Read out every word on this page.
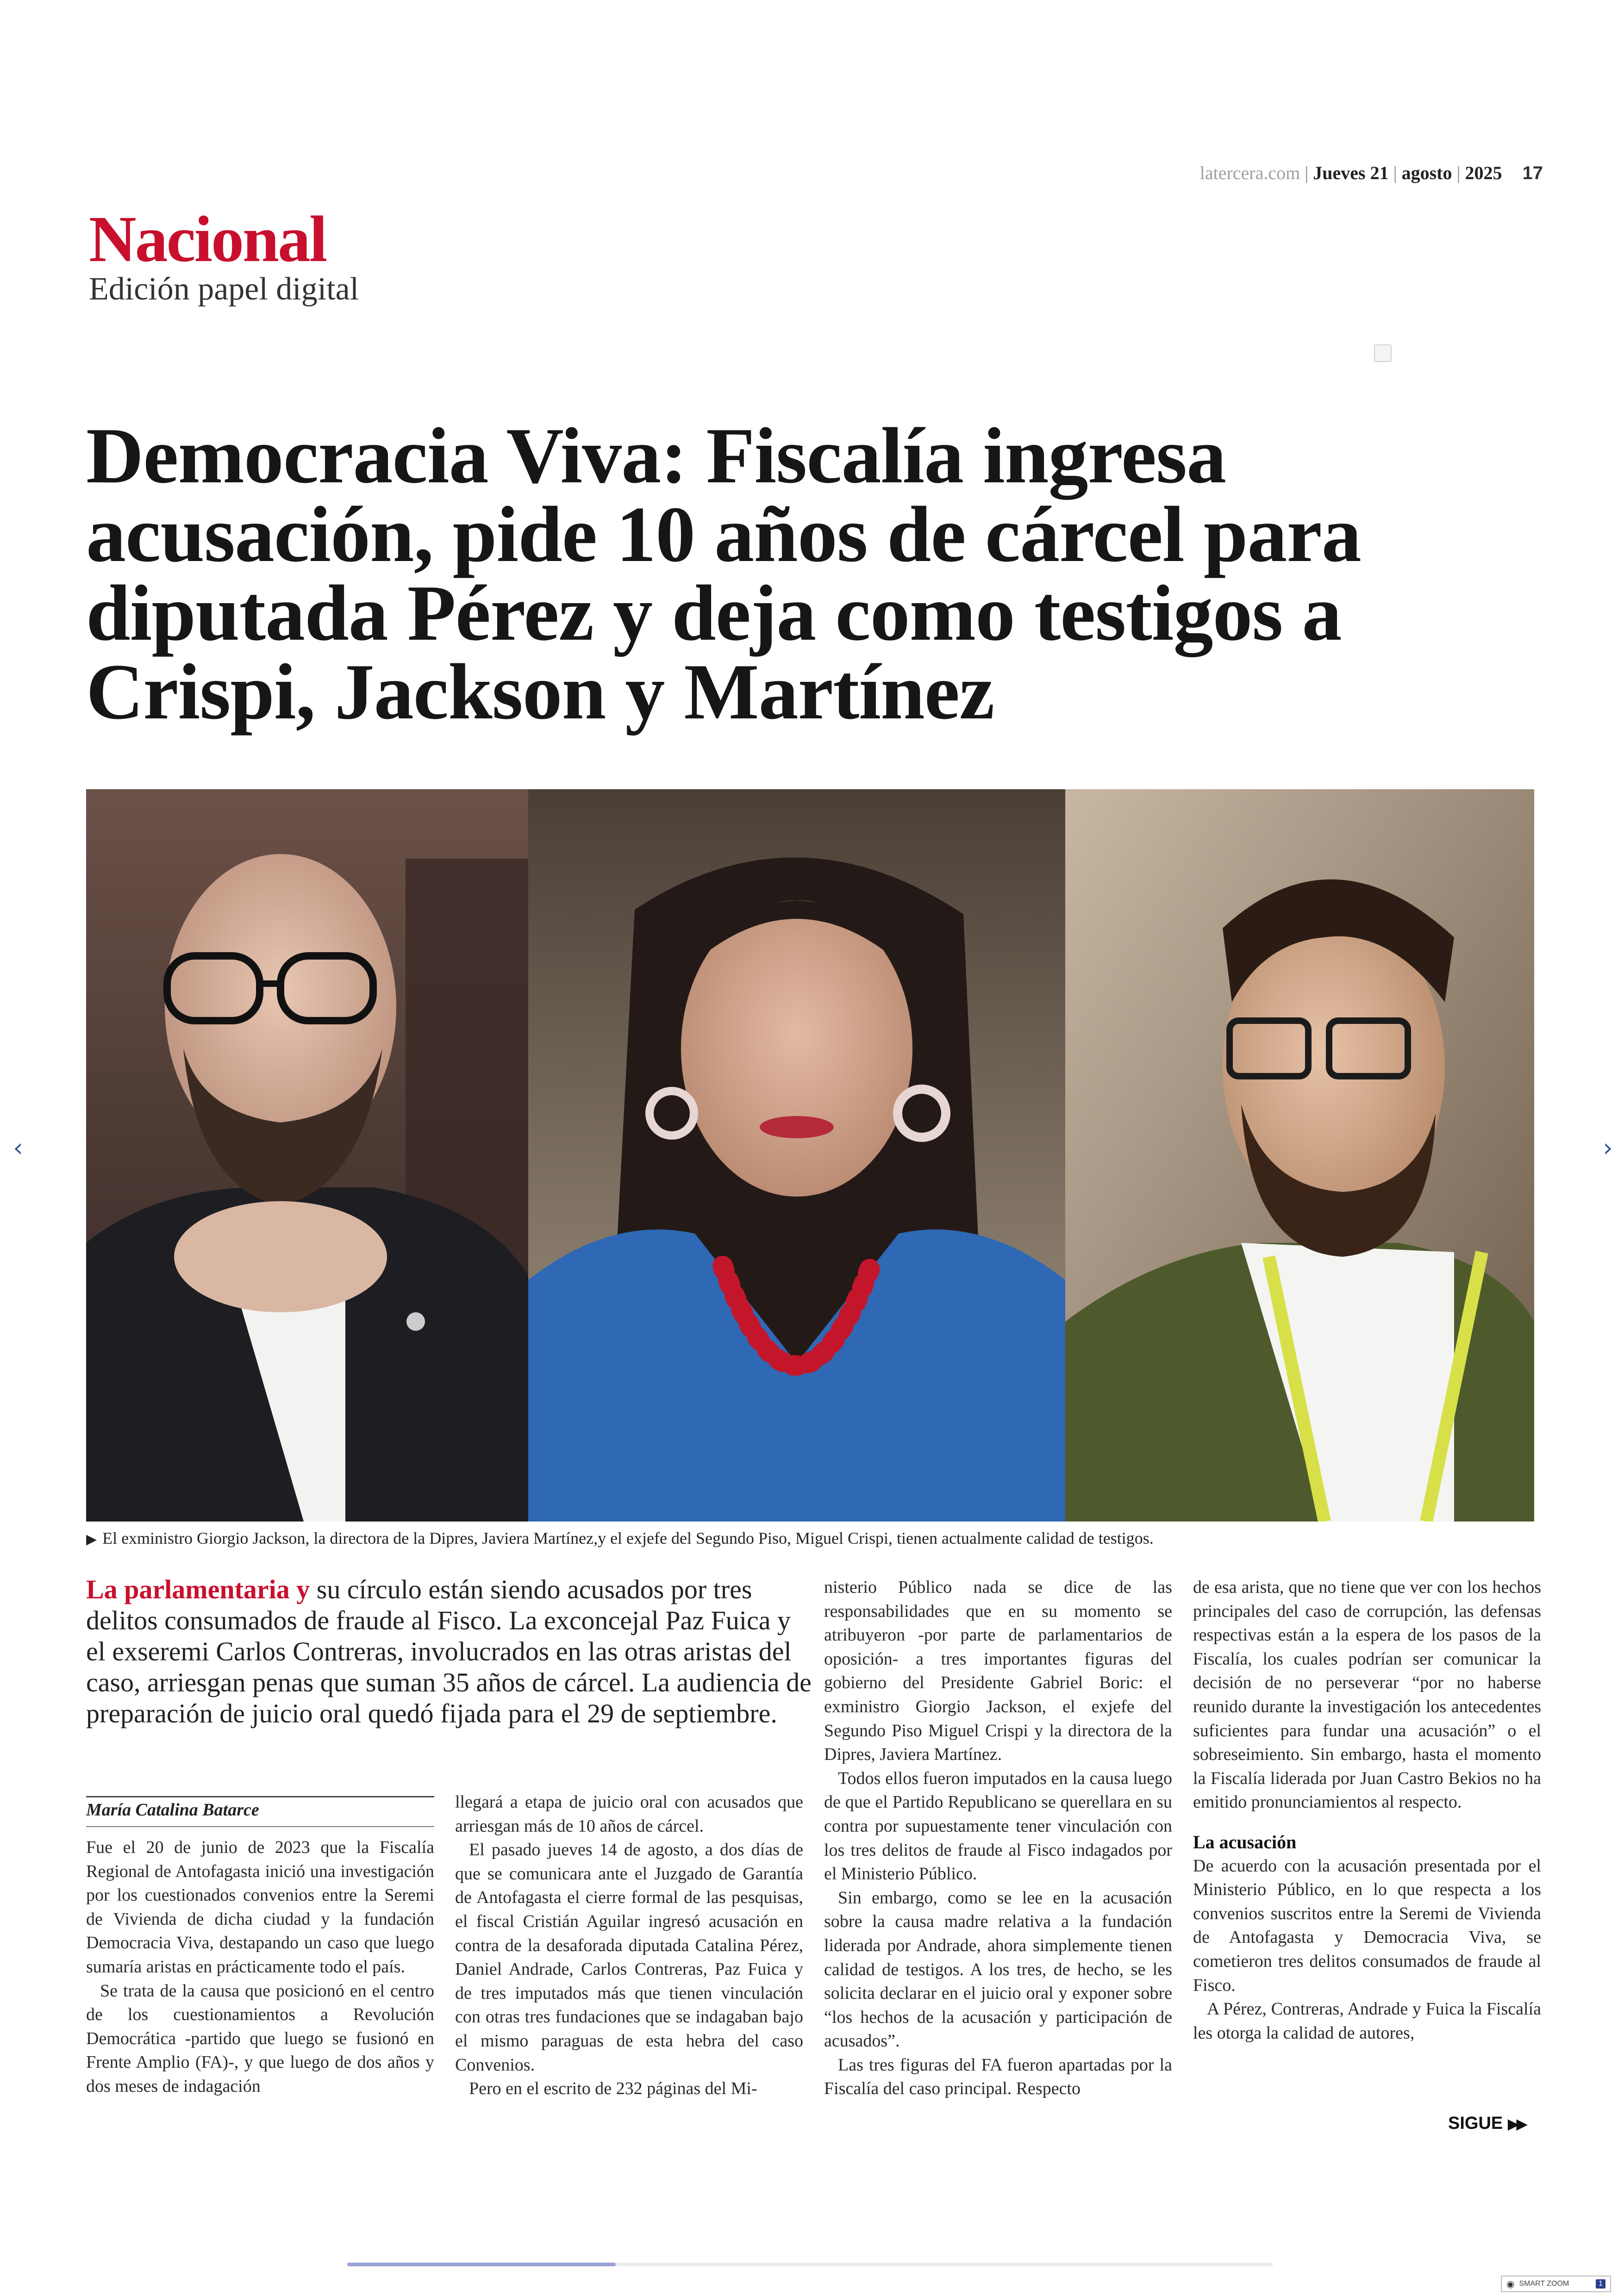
latercera.com | Jueves 21 | agosto | 2025 17
Nacional
Edición papel digital
Democracia Viva: Fiscalía ingresa acusación, pide 10 años de cárcel para diputada Pérez y deja como testigos a Crispi, Jackson y Martínez
▶ El exministro Giorgio Jackson, la directora de la Dipres, Javiera Martínez,y el exjefe del Segundo Piso, Miguel Crispi, tienen actualmente calidad de testigos.
La parlamentaria y su círculo están siendo acusados por tres delitos consumados de fraude al Fisco. La exconcejal Paz Fuica y el exseremi Carlos Contreras, involucrados en las otras aristas del caso, arriesgan penas que suman 35 años de cárcel. La audiencia de preparación de juicio oral quedó fijada para el 29 de septiembre.
María Catalina Batarce

Fue el 20 de junio de 2023 que la Fiscalía Regional de Antofagasta inició una investigación por los cuestionados convenios entre la Seremi de Vivienda de dicha ciudad y la fundación Democracia Viva, destapando un caso que luego sumaría aristas en prácticamente todo el país.

Se trata de la causa que posicionó en el centro de los cuestionamientos a Revolución Democrática -partido que luego se fusionó en Frente Amplio (FA)-, y que luego de dos años y dos meses de indagación

llegará a etapa de juicio oral con acusados que arriesgan más de 10 años de cárcel.

El pasado jueves 14 de agosto, a dos días de que se comunicara ante el Juzgado de Garantía de Antofagasta el cierre formal de las pesquisas, el fiscal Cristián Aguilar ingresó acusación en contra de la desaforada diputada Catalina Pérez, Daniel Andrade, Carlos Contreras, Paz Fuica y de tres imputados más que tienen vinculación con otras tres fundaciones que se indagaban bajo el mismo paraguas de esta hebra del caso Convenios.

Pero en el escrito de 232 páginas del Mi-

nisterio Público nada se dice de las responsabilidades que en su momento se atribuyeron -por parte de parlamentarios de oposición- a tres importantes figuras del gobierno del Presidente Gabriel Boric: el exministro Giorgio Jackson, el exjefe del Segundo Piso Miguel Crispi y la directora de la Dipres, Javiera Martínez.

Todos ellos fueron imputados en la causa luego de que el Partido Republicano se querellara en su contra por supuestamente tener vinculación con los tres delitos de fraude al Fisco indagados por el Ministerio Público.

Sin embargo, como se lee en la acusación sobre la causa madre relativa a la fundación liderada por Andrade, ahora simplemente tienen calidad de testigos. A los tres, de hecho, se les solicita declarar en el juicio oral y exponer sobre “los hechos de la acusación y participación de acusados”.

Las tres figuras del FA fueron apartadas por la Fiscalía del caso principal. Respecto

de esa arista, que no tiene que ver con los hechos principales del caso de corrupción, las defensas respectivas están a la espera de los pasos de la Fiscalía, los cuales podrían ser comunicar la decisión de no perseverar “por no haberse reunido durante la investigación los antecedentes suficientes para fundar una acusación” o el sobreseimiento. Sin embargo, hasta el momento la Fiscalía liderada por Juan Castro Bekios no ha emitido pronunciamientos al respecto.

La acusación

De acuerdo con la acusación presentada por el Ministerio Público, en lo que respecta a los convenios suscritos entre la Seremi de Vivienda de Antofagasta y Democracia Viva, se cometieron tres delitos consumados de fraude al Fisco.

A Pérez, Contreras, Andrade y Fuica la Fiscalía les otorga la calidad de autores,

SIGUE ▶▶
‹	›
◉ SMART ZOOM	1
